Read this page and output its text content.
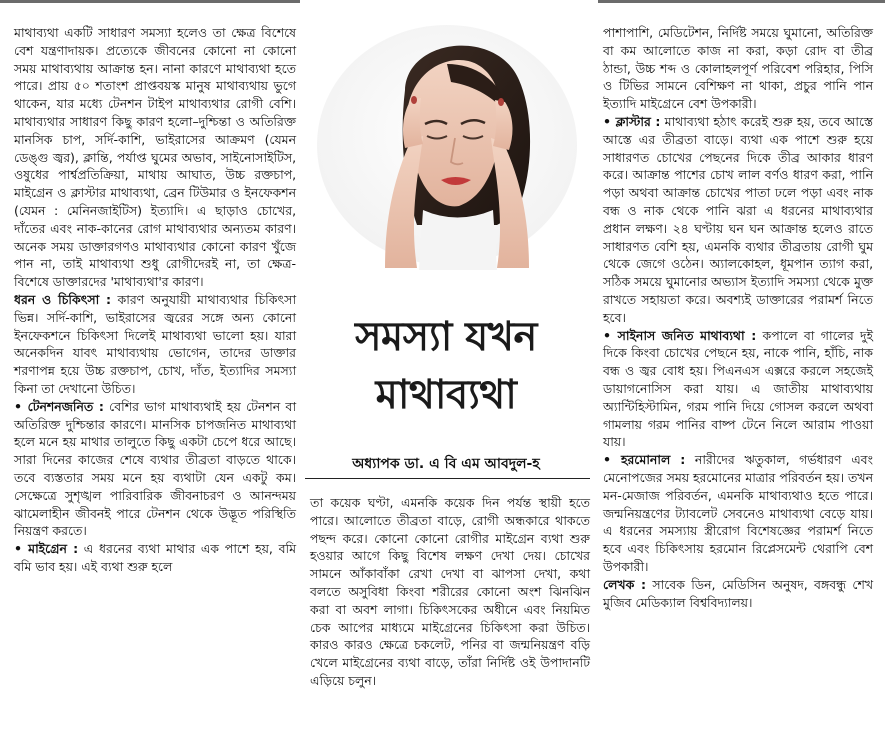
মাথাব্যথা একটি সাধারণ সমস্যা হলেও তা ক্ষেত্র বিশেষে বেশ যন্ত্রণাদায়ক। প্রত্যেকে জীবনের কোনো না কোনো সময় মাথাব্যথায় আক্রান্ত হন। নানা কারণে মাথাব্যথা হতে পারে। প্রায় ৫০ শতাংশ প্রাপ্তবয়স্ক মানুষ মাথাব্যথায় ভুগে থাকেন, যার মধ্যে টেনশন টাইপ মাথাব্যথার রোগী বেশি। মাথাব্যথার সাধারণ কিছু কারণ হলো–দুশ্চিন্তা ও অতিরিক্ত মানসিক চাপ, সর্দি-কাশি, ভাইরাসের আক্রমণ (যেমন ডেঙ্গু জ্বর), ক্লান্তি, পর্যাপ্ত ঘুমের অভাব, সাইনোসাইটিস, ওষুধের পার্শ্বপ্রতিক্রিয়া, মাথায় আঘাত, উচ্চ রক্তচাপ, মাইগ্রেন ও ক্লাস্টার মাথাব্যথা, ব্রেন টিউমার ও ইনফেকশন (যেমন : মেনিনজাইটিস) ইত্যাদি। এ ছাড়াও চোখের, দাঁতের এবং নাক-কানের রোগ মাথাব্যথার অন্যতম কারণ। অনেক সময় ডাক্তারগণও মাথাব্যথার কোনো কারণ খুঁজে পান না, তাই মাথাব্যথা শুধু রোগীদেরই না, তা ক্ষেত্র-বিশেষে ডাক্তারদের 'মাথাব্যথা'র কারণ।

ধরন ও চিকিৎসা : কারণ অনুযায়ী মাথাব্যথার চিকিৎসা ভিন্ন। সর্দি-কাশি, ভাইরাসের জ্বরের সঙ্গে অন্য কোনো ইনফেকশনে চিকিৎসা দিলেই মাথাব্যথা ভালো হয়। যারা অনেকদিন যাবৎ মাথাব্যথায় ভোগেন, তাদের ডাক্তার শরণাপন্ন হয়ে উচ্চ রক্তচাপ, চোখ, দাঁত, ইত্যাদির সমস্যা কিনা তা দেখানো উচিত।

• টেনশনজনিত : বেশির ভাগ মাথাব্যথাই হয় টেনশন বা অতিরিক্ত দুশ্চিন্তার কারণে। মানসিক চাপজনিত মাথাব্যথা হলে মনে হয় মাথার তালুতে কিছু একটা চেপে ধরে আছে। সারা দিনের কাজের শেষে ব্যথার তীব্রতা বাড়তে থাকে। তবে ব্যস্ততার সময় মনে হয় ব্যথাটা যেন একটু কম। সেক্ষেত্রে সুশৃঙ্খল পারিবারিক জীবনাচরণ ও আনন্দময় ঝামেলাহীন জীবনই পারে টেনশন থেকে উদ্ভূত পরিস্থিতি নিয়ন্ত্রণ করতে।

• মাইগ্রেন : এ ধরনের ব্যথা মাথার এক পাশে হয়, বমি বমি ভাব হয়। এই ব্যথা শুরু হলে

সমস্যা যখন
মাথাব্যথা
অধ্যাপক ডা. এ বি এম আবদুল-হ

তা কয়েক ঘণ্টা, এমনকি কয়েক দিন পর্যন্ত স্থায়ী হতে পারে। আলোতে তীব্রতা বাড়ে, রোগী অন্ধকারে থাকতে পছন্দ করে। কোনো কোনো রোগীর মাইগ্রেন ব্যথা শুরু হওয়ার আগে কিছু বিশেষ লক্ষণ দেখা দেয়। চোখের সামনে আঁকাবাঁকা রেখা দেখা বা ঝাপসা দেখা, কথা বলতে অসুবিধা কিংবা শরীরের কোনো অংশ ঝিনঝিন করা বা অবশ লাগা। চিকিৎসকের অধীনে এবং নিয়মিত চেক আপের মাধ্যমে মাইগ্রেনের চিকিৎসা করা উচিত। কারও কারও ক্ষেত্রে চকলেট, পনির বা জন্মনিয়ন্ত্রণ বড়ি খেলে মাইগ্রেনের ব্যথা বাড়ে, তাঁরা নির্দিষ্ট ওই উপাদানটি এড়িয়ে চলুন।

পাশাপাশি, মেডিটেশন, নির্দিষ্ট সময়ে ঘুমানো, অতিরিক্ত বা কম আলোতে কাজ না করা, কড়া রোদ বা তীব্র ঠান্ডা, উচ্চ শব্দ ও কোলাহলপূর্ণ পরিবেশ পরিহার, পিসি ও টিভির সামনে বেশিক্ষণ না থাকা, প্রচুর পানি পান ইত্যাদি মাইগ্রেনে বেশ উপকারী।

• ক্লাস্টার : মাথাব্যথা হঠাৎ করেই শুরু হয়, তবে আস্তে আস্তে এর তীব্রতা বাড়ে। ব্যথা এক পাশে শুরু হয়ে সাধারণত চোখের পেছনের দিকে তীব্র আকার ধারণ করে। আক্রান্ত পাশের চোখ লাল বর্ণও ধারণ করা, পানি পড়া অথবা আক্রান্ত চোখের পাতা ঢলে পড়া এবং নাক বন্ধ ও নাক থেকে পানি ঝরা এ ধরনের মাথাব্যথার প্রধান লক্ষণ। ২৪ ঘণ্টায় ঘন ঘন আক্রান্ত হলেও রাতে সাধারণত বেশি হয়, এমনকি ব্যথার তীব্রতায় রোগী ঘুম থেকে জেগে ওঠেন। অ্যালকোহল, ধূমপান ত্যাগ করা, সঠিক সময়ে ঘুমানোর অভ্যাস ইত্যাদি সমস্যা থেকে মুক্ত রাখতে সহায়তা করে। অবশ্যই ডাক্তারের পরামর্শ নিতে হবে।

• সাইনাস জনিত মাথাব্যথা : কপালে বা গালের দুই দিকে কিংবা চোখের পেছনে হয়, নাকে পানি, হাঁচি, নাক বন্ধ ও জ্বর বোধ হয়। পিএনএস এক্সরে করলে সহজেই ডায়াগনোসিস করা যায়। এ জাতীয় মাথাব্যথায় অ্যান্টিহিস্টামিন, গরম পানি দিয়ে গোসল করলে অথবা গামলায় গরম পানির বাষ্প টেনে নিলে আরাম পাওয়া যায়।

• হরমোনাল : নারীদের ঋতুকাল, গর্ভধারণ এবং মেনোপজের সময় হরমোনের মাত্রার পরিবর্তন হয়। তখন মন-মেজাজ পরিবর্তন, এমনকি মাথাব্যথাও হতে পারে। জন্মনিয়ন্ত্রণের ট্যাবলেট সেবনেও মাথাব্যথা বেড়ে যায়। এ ধরনের সমস্যায় স্ত্রীরোগ বিশেষজ্ঞের পরামর্শ নিতে হবে এবং চিকিৎসায় হরমোন রিপ্লেসমেন্ট থেরাপি বেশ উপকারী।

লেখক : সাবেক ডিন, মেডিসিন অনুষদ, বঙ্গবন্ধু শেখ মুজিব মেডিক্যাল বিশ্ববিদ্যালয়।
